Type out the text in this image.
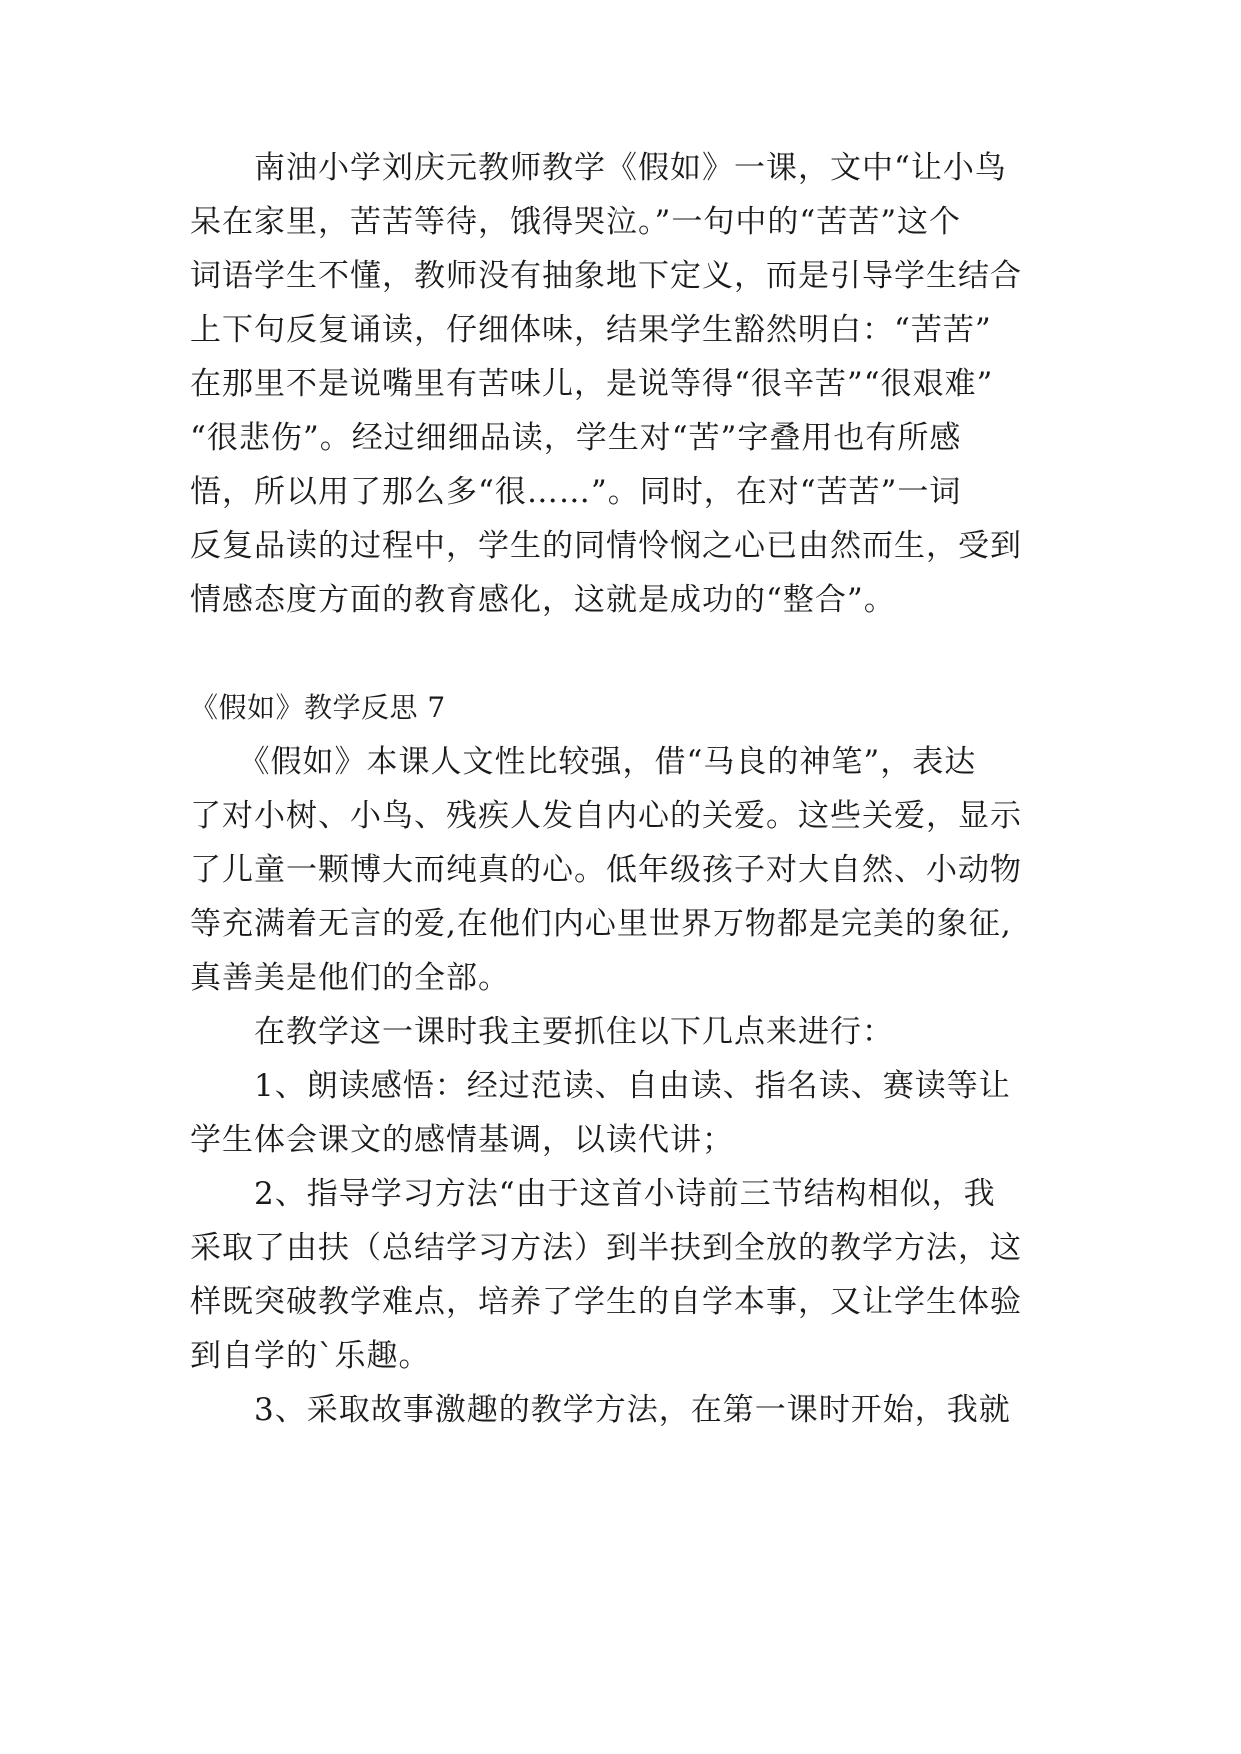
　　南油小学刘庆元教师教学《假如》一课，文中“让小鸟
呆在家里，苦苦等待，饿得哭泣。”一句中的“苦苦”这个
词语学生不懂，教师没有抽象地下定义，而是引导学生结合
上下句反复诵读，仔细体味，结果学生豁然明白：“苦苦”
在那里不是说嘴里有苦味儿，是说等得“很辛苦”“很艰难”
“很悲伤”。经过细细品读，学生对“苦”字叠用也有所感
悟，所以用了那么多“很……”。同时，在对“苦苦”一词
反复品读的过程中，学生的同情怜悯之心已由然而生，受到
情感态度方面的教育感化，这就是成功的“整合”。
《假如》教学反思 7
　　《假如》本课人文性比较强，借“马良的神笔”，表达
了对小树、小鸟、残疾人发自内心的关爱。这些关爱，显示
了儿童一颗博大而纯真的心。低年级孩子对大自然、小动物
等充满着无言的爱,在他们内心里世界万物都是完美的象征,
真善美是他们的全部。
　　在教学这一课时我主要抓住以下几点来进行：
　　1、朗读感悟：经过范读、自由读、指名读、赛读等让
学生体会课文的感情基调，以读代讲；
　　2、指导学习方法“由于这首小诗前三节结构相似，我
采取了由扶（总结学习方法）到半扶到全放的教学方法，这
样既突破教学难点，培养了学生的自学本事，又让学生体验
到自学的`乐趣。
　　3、采取故事激趣的教学方法，在第一课时开始，我就
